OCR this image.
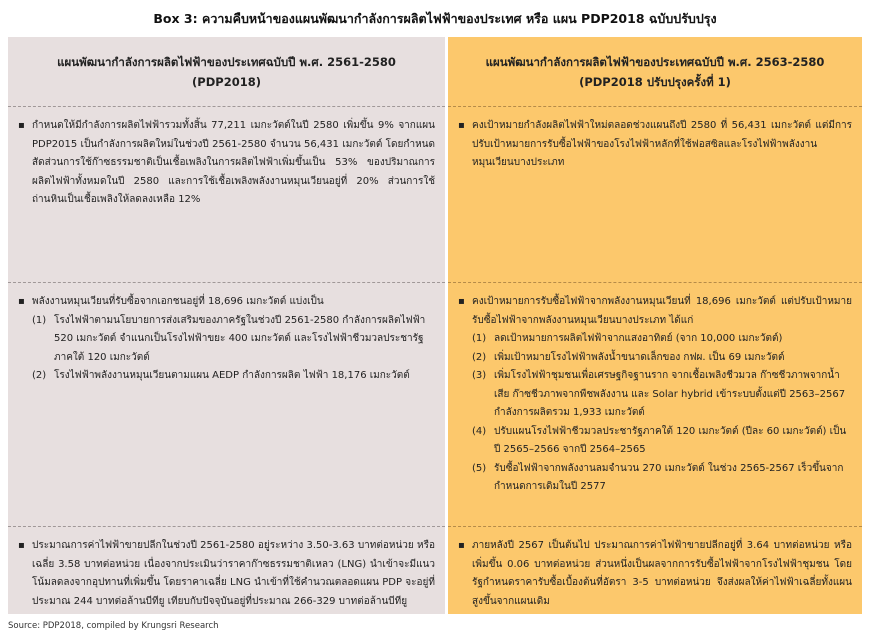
Box 3: ความคืบหน้าของแผนพัฒนากำลังการผลิตไฟฟ้าของประเทศ หรือ แผน PDP2018 ฉบับปรับปรุง
แผนพัฒนากำลังการผลิตไฟฟ้าของประเทศฉบับปี พ.ศ. 2561-2580
(PDP2018)
▪ กำหนดให้มีกำลังการผลิตไฟฟ้ารวมทั้งสิ้น 77,211 เมกะวัตต์ในปี 2580 เพิ่มขึ้น 9% จากแผน PDP2015 เป็นกำลังการผลิตใหม่ในช่วงปี 2561-2580 จำนวน 56,431 เมกะวัตต์ โดยกำหนดสัดส่วนการใช้ก๊าซธรรมชาติเป็นเชื้อเพลิงในการผลิตไฟฟ้าเพิ่มขึ้นเป็น 53% ของปริมาณการผลิตไฟฟ้าทั้งหมดในปี 2580 และการใช้เชื้อเพลิงพลังงานหมุนเวียนอยู่ที่ 20% ส่วนการใช้ถ่านหินเป็นเชื้อเพลิงให้ลดลงเหลือ 12%
▪ พลังงานหมุนเวียนที่รับซื้อจากเอกชนอยู่ที่ 18,696 เมกะวัตต์ แบ่งเป็น
(1) โรงไฟฟ้าตามนโยบายการส่งเสริมของภาครัฐในช่วงปี 2561-2580 กำลังการผลิตไฟฟ้า 520 เมกะวัตต์ จำแนกเป็นโรงไฟฟ้าขยะ 400 เมกะวัตต์ และโรงไฟฟ้าชีวมวลประชารัฐภาคใต้ 120 เมกะวัตต์
(2) โรงไฟฟ้าพลังงานหมุนเวียนตามแผน AEDP กำลังการผลิต ไฟฟ้า 18,176 เมกะวัตต์
▪ ประมาณการค่าไฟฟ้าขายปลีกในช่วงปี 2561-2580 อยู่ระหว่าง 3.50-3.63 บาทต่อหน่วย หรือเฉลี่ย 3.58 บาทต่อหน่วย เนื่องจากประเมินว่าราคาก๊าซธรรมชาติเหลว (LNG) นำเข้าจะมีแนวโน้มลดลงจากอุปทานที่เพิ่มขึ้น โดยราคาเฉลี่ย LNG นำเข้าที่ใช้คำนวณตลอดแผน PDP จะอยู่ที่ประมาณ 244 บาทต่อล้านบีทียู เทียบกับปัจจุบันอยู่ที่ประมาณ 266-329 บาทต่อล้านบีทียู
แผนพัฒนากำลังการผลิตไฟฟ้าของประเทศฉบับปี พ.ศ. 2563-2580
(PDP2018 ปรับปรุงครั้งที่ 1)
▪ คงเป้าหมายกำลังผลิตไฟฟ้าใหม่ตลอดช่วงแผนถึงปี 2580 ที่ 56,431 เมกะวัตต์ แต่มีการปรับเป้าหมายการรับซื้อไฟฟ้าของโรงไฟฟ้าหลักที่ใช้ฟอสซิลและโรงไฟฟ้าพลังงานหมุนเวียนบางประเภท
▪ คงเป้าหมายการรับซื้อไฟฟ้าจากพลังงานหมุนเวียนที่ 18,696 เมกะวัตต์ แต่ปรับเป้าหมายรับซื้อไฟฟ้าจากพลังงานหมุนเวียนบางประเภท ได้แก่
(1) ลดเป้าหมายการผลิตไฟฟ้าจากแสงอาทิตย์ (จาก 10,000 เมกะวัตต์)
(2) เพิ่มเป้าหมายโรงไฟฟ้าพลังน้ำขนาดเล็กของ กฟผ. เป็น 69 เมกะวัตต์
(3) เพิ่มโรงไฟฟ้าชุมชนเพื่อเศรษฐกิจฐานราก จากเชื้อเพลิงชีวมวล ก๊าซชีวภาพจากน้ำเสีย ก๊าซชีวภาพจากพืชพลังงาน และ Solar hybrid เข้าระบบตั้งแต่ปี 2563–2567 กำลังการผลิตรวม 1,933 เมกะวัตต์
(4) ปรับแผนโรงไฟฟ้าชีวมวลประชารัฐภาคใต้ 120 เมกะวัตต์ (ปีละ 60 เมกะวัตต์) เป็นปี 2565–2566 จากปี 2564–2565
(5) รับซื้อไฟฟ้าจากพลังงานลมจำนวน 270 เมกะวัตต์ ในช่วง 2565-2567 เร็วขึ้นจากกำหนดการเดิมในปี 2577
▪ ภายหลังปี 2567 เป็นต้นไป ประมาณการค่าไฟฟ้าขายปลีกอยู่ที่ 3.64 บาทต่อหน่วย หรือเพิ่มขึ้น 0.06 บาทต่อหน่วย ส่วนหนึ่งเป็นผลจากการรับซื้อไฟฟ้าจากโรงไฟฟ้าชุมชน โดยรัฐกำหนดราคารับซื้อเบื้องต้นที่อัตรา 3-5 บาทต่อหน่วย จึงส่งผลให้ค่าไฟฟ้าเฉลี่ยทั้งแผนสูงขึ้นจากแผนเดิม
Source: PDP2018, compiled by Krungsri Research
